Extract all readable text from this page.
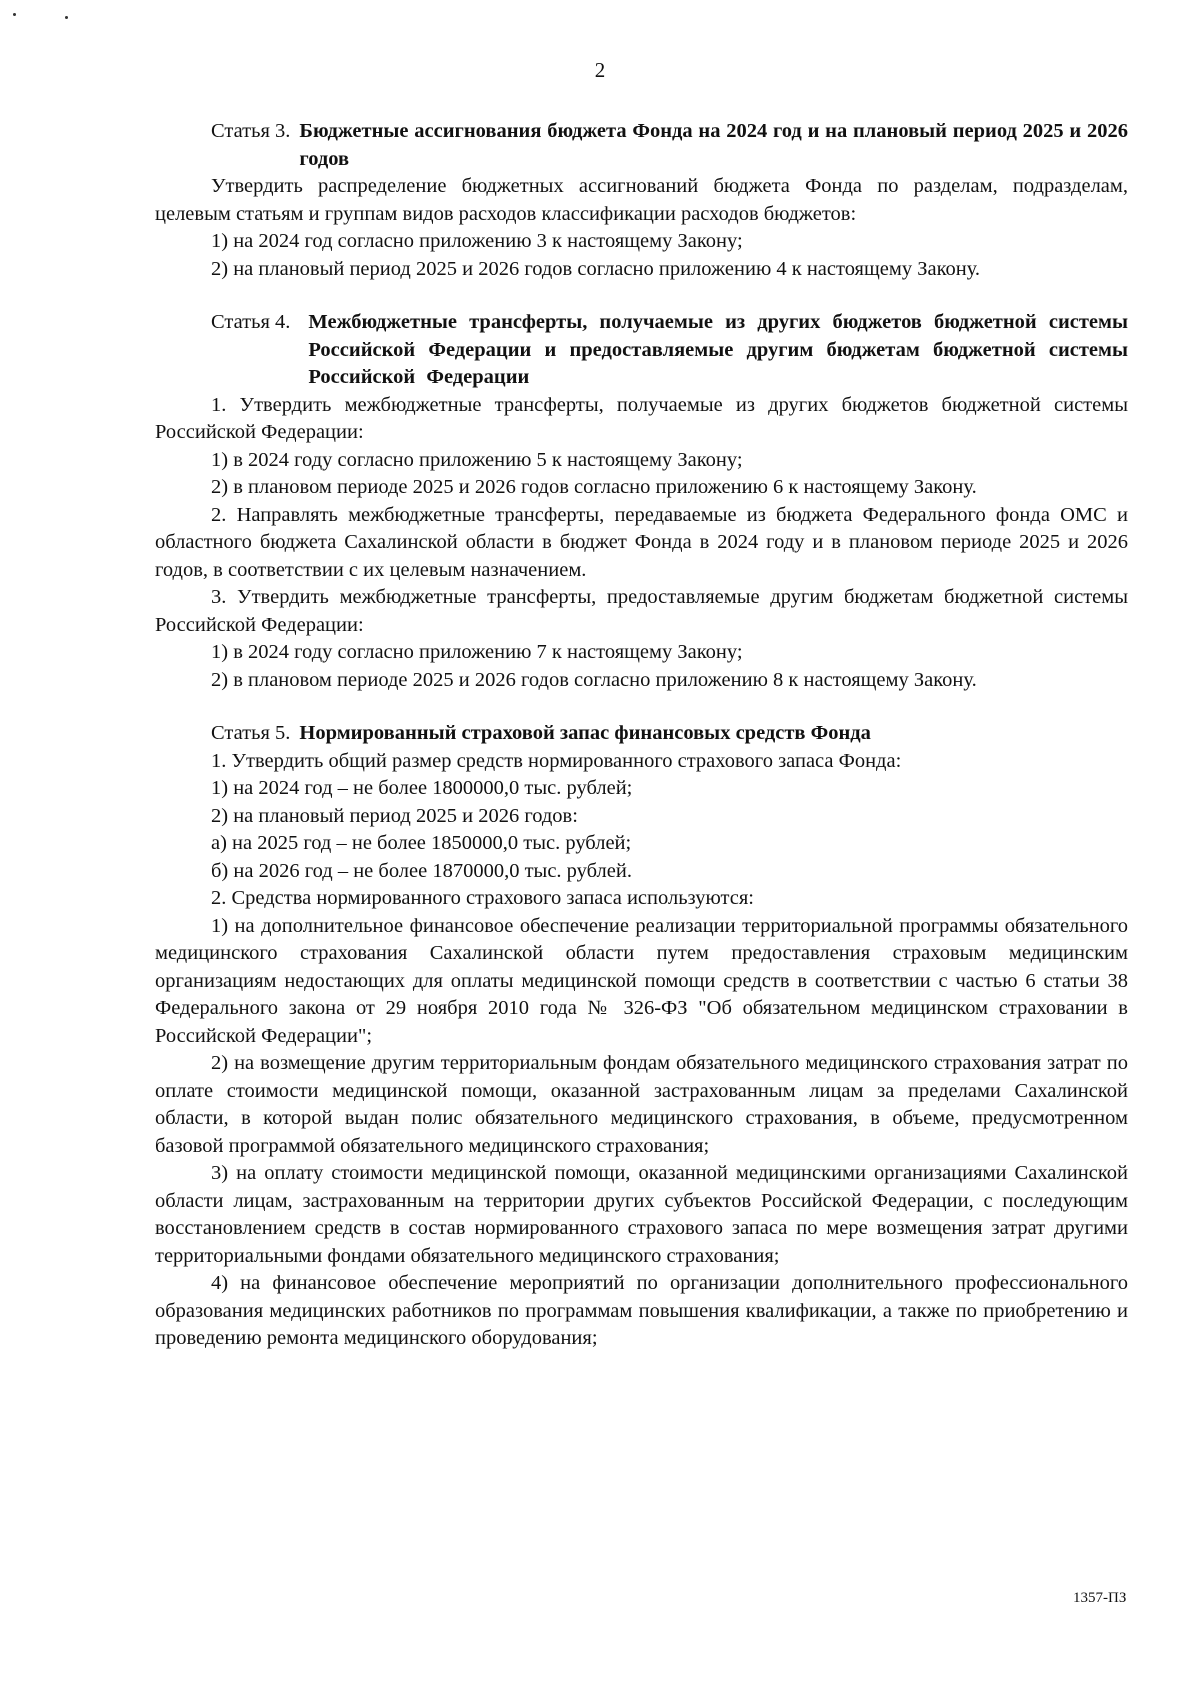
2
Статья 3. Бюджетные ассигнования бюджета Фонда на 2024 год и на плановый период 2025 и 2026 годов

Утвердить распределение бюджетных ассигнований бюджета Фонда по разделам, подразделам, целевым статьям и группам видов расходов классификации расходов бюджетов:

1) на 2024 год согласно приложению 3 к настоящему Закону;

2) на плановый период 2025 и 2026 годов согласно приложению 4 к настоящему Закону.

Статья 4. Межбюджетные трансферты, получаемые из других бюджетов бюджетной системы Российской Федерации и предоставляемые другим бюджетам бюджетной системы Российской Федерации

1. Утвердить межбюджетные трансферты, получаемые из других бюджетов бюджетной системы Российской Федерации:

1) в 2024 году согласно приложению 5 к настоящему Закону;

2) в плановом периоде 2025 и 2026 годов согласно приложению 6 к настоящему Закону.

2. Направлять межбюджетные трансферты, передаваемые из бюджета Федерального фонда ОМС и областного бюджета Сахалинской области в бюджет Фонда в 2024 году и в плановом периоде 2025 и 2026 годов, в соответствии с их целевым назначением.

3. Утвердить межбюджетные трансферты, предоставляемые другим бюджетам бюджетной системы Российской Федерации:

1) в 2024 году согласно приложению 7 к настоящему Закону;

2) в плановом периоде 2025 и 2026 годов согласно приложению 8 к настоящему Закону.

Статья 5. Нормированный страховой запас финансовых средств Фонда

1. Утвердить общий размер средств нормированного страхового запаса Фонда:

1) на 2024 год – не более 1800000,0 тыс. рублей;

2) на плановый период 2025 и 2026 годов:

а) на 2025 год – не более 1850000,0 тыс. рублей;

б) на 2026 год – не более 1870000,0 тыс. рублей.

2. Средства нормированного страхового запаса используются:

1) на дополнительное финансовое обеспечение реализации территориальной программы обязательного медицинского страхования Сахалинской области путем предоставления страховым медицинским организациям недостающих для оплаты медицинской помощи средств в соответствии с частью 6 статьи 38 Федерального закона от 29 ноября 2010 года № 326-ФЗ "Об обязательном медицинском страховании в Российской Федерации";

2) на возмещение другим территориальным фондам обязательного медицинского страхования затрат по оплате стоимости медицинской помощи, оказанной застрахованным лицам за пределами Сахалинской области, в которой выдан полис обязательного медицинского страхования, в объеме, предусмотренном базовой программой обязательного медицинского страхования;

3) на оплату стоимости медицинской помощи, оказанной медицинскими организациями Сахалинской области лицам, застрахованным на территории других субъектов Российской Федерации, с последующим восстановлением средств в состав нормированного страхового запаса по мере возмещения затрат другими территориальными фондами обязательного медицинского страхования;

4) на финансовое обеспечение мероприятий по организации дополнительного профессионального образования медицинских работников по программам повышения квалификации, а также по приобретению и проведению ремонта медицинского оборудования;

1357-ПЗ
